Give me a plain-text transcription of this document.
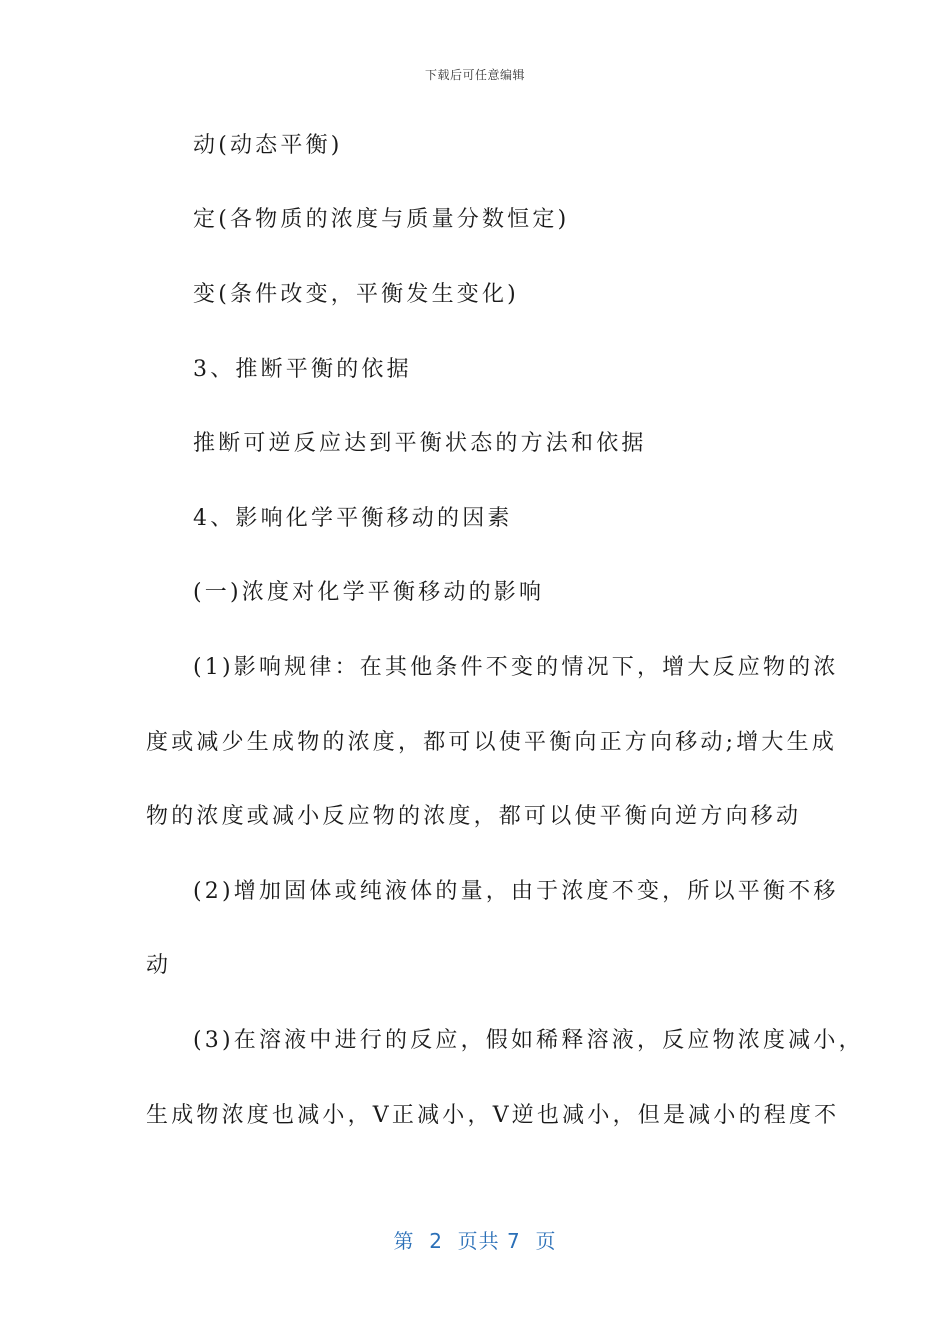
下载后可任意编辑
动(动态平衡)
定(各物质的浓度与质量分数恒定)
变(条件改变，平衡发生变化)
3、推断平衡的依据
推断可逆反应达到平衡状态的方法和依据
4、影响化学平衡移动的因素
(一)浓度对化学平衡移动的影响
(1)影响规律：在其他条件不变的情况下，增大反应物的浓
度或减少生成物的浓度，都可以使平衡向正方向移动;增大生成
物的浓度或减小反应物的浓度，都可以使平衡向逆方向移动
(2)增加固体或纯液体的量，由于浓度不变，所以平衡不移
动
(3)在溶液中进行的反应，假如稀释溶液，反应物浓度减小，
生成物浓度也减小，V正减小，V逆也减小，但是减小的程度不
第  2  页共 7  页
